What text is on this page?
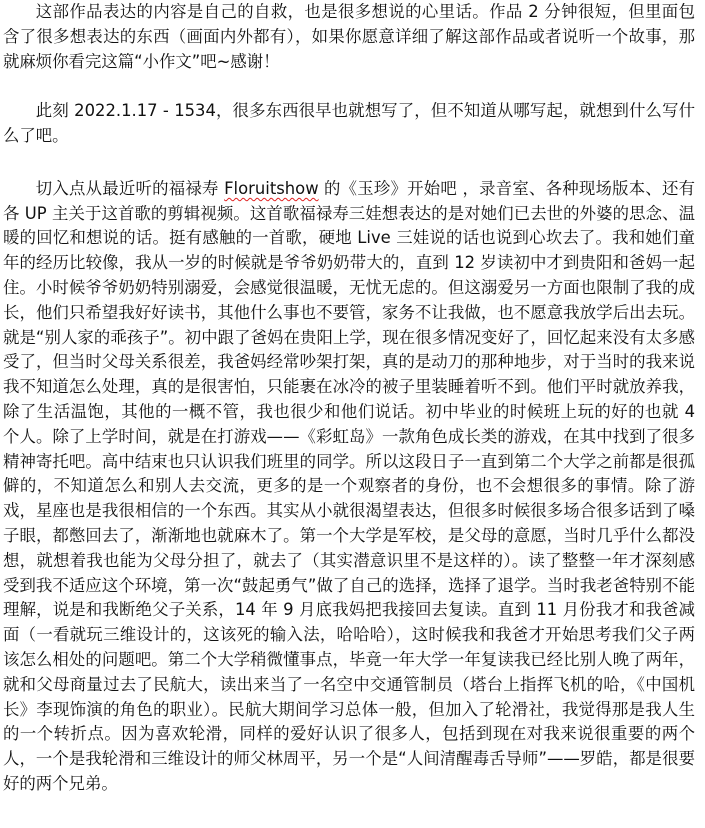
这部作品表达的内容是自己的自救，也是很多想说的心里话。作品 2 分钟很短，但里面包含了很多想表达的东西（画面内外都有），如果你愿意详细了解这部作品或者说听一个故事，那就麻烦你看完这篇“小作文”吧~感谢！

此刻 2022.1.17 - 1534，很多东西很早也就想写了，但不知道从哪写起，就想到什么写什么了吧。

切入点从最近听的福禄寿 Floruitshow 的《玉珍》开始吧 ，录音室、各种现场版本、还有各 UP 主关于这首歌的剪辑视频。这首歌福禄寿三娃想表达的是对她们已去世的外婆的思念、温暖的回忆和想说的话。挺有感触的一首歌，硬地 Live 三娃说的话也说到心坎去了。我和她们童年的经历比较像，我从一岁的时候就是爷爷奶奶带大的，直到 12 岁读初中才到贵阳和爸妈一起住。小时候爷爷奶奶特别溺爱，会感觉很温暖，无忧无虑的。但这溺爱另一方面也限制了我的成长，他们只希望我好好读书，其他什么事也不要管，家务不让我做，也不愿意我放学后出去玩。就是“别人家的乖孩子”。初中跟了爸妈在贵阳上学，现在很多情况变好了，回忆起来没有太多感受了，但当时父母关系很差，我爸妈经常吵架打架，真的是动刀的那种地步，对于当时的我来说我不知道怎么处理，真的是很害怕，只能裹在冰冷的被子里装睡着听不到。他们平时就放养我，除了生活温饱，其他的一概不管，我也很少和他们说话。初中毕业的时候班上玩的好的也就 4 个人。除了上学时间，就是在打游戏——《彩虹岛》一款角色成长类的游戏，在其中找到了很多精神寄托吧。高中结束也只认识我们班里的同学。所以这段日子一直到第二个大学之前都是很孤僻的，不知道怎么和别人去交流，更多的是一个观察者的身份，也不会想很多的事情。除了游戏，星座也是我很相信的一个东西。其实从小就很渴望表达，但很多时候很多场合很多话到了嗓子眼，都憋回去了，渐渐地也就麻木了。第一个大学是军校，是父母的意愿，当时几乎什么都没想，就想着我也能为父母分担了，就去了（其实潜意识里不是这样的）。读了整整一年才深刻感受到我不适应这个环境，第一次“鼓起勇气”做了自己的选择，选择了退学。当时我老爸特别不能理解，说是和我断绝父子关系，14 年 9 月底我妈把我接回去复读。直到 11 月份我才和我爸减面（一看就玩三维设计的，这该死的输入法，哈哈哈），这时候我和我爸才开始思考我们父子两该怎么相处的问题吧。第二个大学稍微懂事点，毕竟一年大学一年复读我已经比别人晚了两年，就和父母商量过去了民航大，读出来当了一名空中交通管制员（塔台上指挥飞机的哈，《中国机长》李现饰演的角色的职业）。民航大期间学习总体一般，但加入了轮滑社，我觉得那是我人生的一个转折点。因为喜欢轮滑，同样的爱好认识了很多人，包括到现在对我来说很重要的两个人，一个是我轮滑和三维设计的师父林周平，另一个是“人间清醒毒舌导师”——罗皓，都是很要好的两个兄弟。
